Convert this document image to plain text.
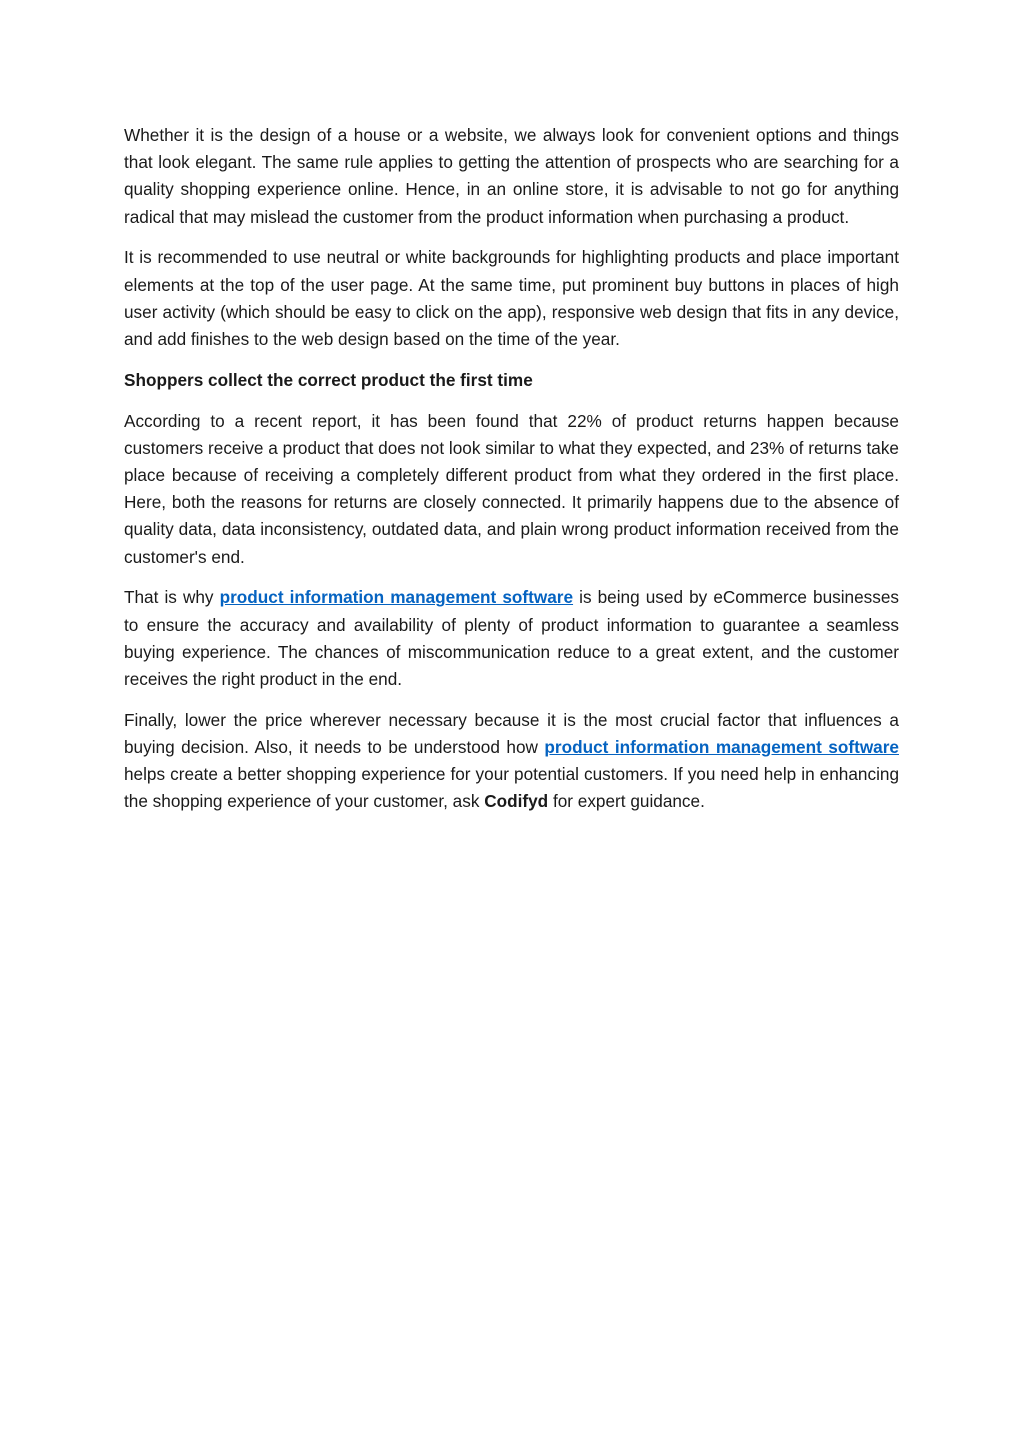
Whether it is the design of a house or a website, we always look for convenient options and things that look elegant. The same rule applies to getting the attention of prospects who are searching for a quality shopping experience online. Hence, in an online store, it is advisable to not go for anything radical that may mislead the customer from the product information when purchasing a product.

It is recommended to use neutral or white backgrounds for highlighting products and place important elements at the top of the user page. At the same time, put prominent buy buttons in places of high user activity (which should be easy to click on the app), responsive web design that fits in any device, and add finishes to the web design based on the time of the year.

Shoppers collect the correct product the first time

According to a recent report, it has been found that 22% of product returns happen because customers receive a product that does not look similar to what they expected, and 23% of returns take place because of receiving a completely different product from what they ordered in the first place. Here, both the reasons for returns are closely connected. It primarily happens due to the absence of quality data, data inconsistency, outdated data, and plain wrong product information received from the customer's end.

That is why product information management software is being used by eCommerce businesses to ensure the accuracy and availability of plenty of product information to guarantee a seamless buying experience. The chances of miscommunication reduce to a great extent, and the customer receives the right product in the end.

Finally, lower the price wherever necessary because it is the most crucial factor that influences a buying decision. Also, it needs to be understood how product information management software helps create a better shopping experience for your potential customers. If you need help in enhancing the shopping experience of your customer, ask Codifyd for expert guidance.
